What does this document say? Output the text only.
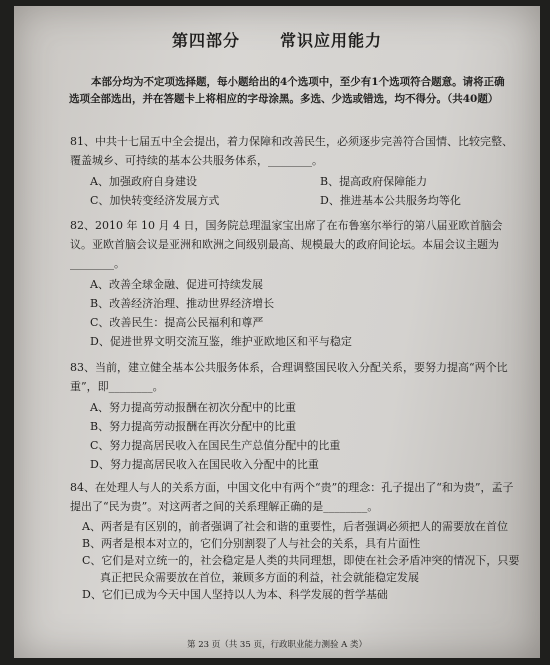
第四部分	常识应用能力
本部分均为不定项选择题，每小题给出的4个选项中，至少有1个选项符合题意。请将正确选项全部选出，并在答题卡上将相应的字母涂黑。多选、少选或错选，均不得分。（共40题）
81、中共十七届五中全会提出，着力保障和改善民生，必须逐步完善符合国情、比较完整、覆盖城乡、可持续的基本公共服务体系，________。
A、加强政府自身建设	B、提高政府保障能力
C、加快转变经济发展方式	D、推进基本公共服务均等化
82、2010 年 10 月 4 日，国务院总理温家宝出席了在布鲁塞尔举行的第八届亚欧首脑会议。亚欧首脑会议是亚洲和欧洲之间级别最高、规模最大的政府间论坛。本届会议主题为________。
A、改善全球金融、促进可持续发展
B、改善经济治理、推动世界经济增长
C、改善民生：提高公民福利和尊严
D、促进世界文明交流互鉴，维护亚欧地区和平与稳定
83、当前，建立健全基本公共服务体系，合理调整国民收入分配关系，要努力提高“两个比重”，即________。
A、努力提高劳动报酬在初次分配中的比重
B、努力提高劳动报酬在再次分配中的比重
C、努力提高居民收入在国民生产总值分配中的比重
D、努力提高居民收入在国民收入分配中的比重
84、在处理人与人的关系方面，中国文化中有两个“贵”的理念：孔子提出了“和为贵”，孟子提出了“民为贵”。对这两者之间的关系理解正确的是________。
A、两者是有区别的，前者强调了社会和谐的重要性，后者强调必须把人的需要放在首位
B、两者是根本对立的，它们分别割裂了人与社会的关系，具有片面性
C、它们是对立统一的，社会稳定是人类的共同理想，即使在社会矛盾冲突的情况下，只要真正把民众需要放在首位，兼顾多方面的利益，社会就能稳定发展
D、它们已成为今天中国人坚持以人为本、科学发展的哲学基础
第 23 页（共 35 页，行政职业能力测验 A 类）
